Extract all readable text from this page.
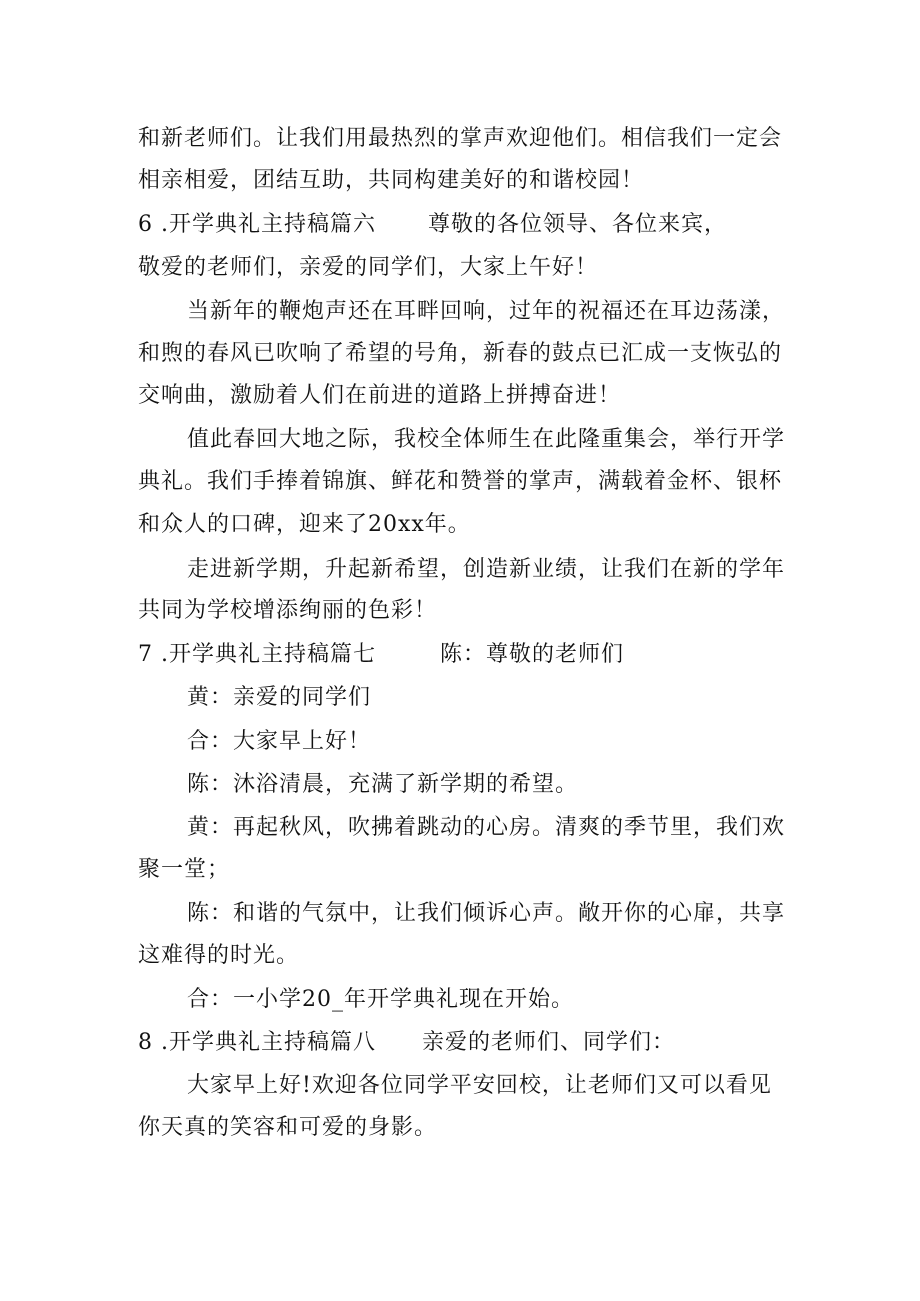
和新老师们。让我们用最热烈的掌声欢迎他们。相信我们一定会
相亲相爱，团结互助，共同构建美好的和谐校园！
6 .开学典礼主持稿篇六 尊敬的各位领导、各位来宾，
敬爱的老师们，亲爱的同学们，大家上午好！
当新年的鞭炮声还在耳畔回响，过年的祝福还在耳边荡漾，
和煦的春风已吹响了希望的号角，新春的鼓点已汇成一支恢弘的
交响曲，激励着人们在前进的道路上拼搏奋进！
值此春回大地之际，我校全体师生在此隆重集会，举行开学
典礼。我们手捧着锦旗、鲜花和赞誉的掌声，满载着金杯、银杯
和众人的口碑，迎来了20xx年。
走进新学期，升起新希望，创造新业绩，让我们在新的学年
共同为学校增添绚丽的色彩！
7 .开学典礼主持稿篇七	陈：尊敬的老师们
黄：亲爱的同学们
合：大家早上好！
陈：沐浴清晨，充满了新学期的希望。
黄：再起秋风，吹拂着跳动的心房。清爽的季节里，我们欢
聚一堂；
陈：和谐的气氛中，让我们倾诉心声。敞开你的心扉，共享
这难得的时光。
合：一小学20_年开学典礼现在开始。
8 .开学典礼主持稿篇八 亲爱的老师们、同学们：
大家早上好!欢迎各位同学平安回校，让老师们又可以看见
你天真的笑容和可爱的身影。
